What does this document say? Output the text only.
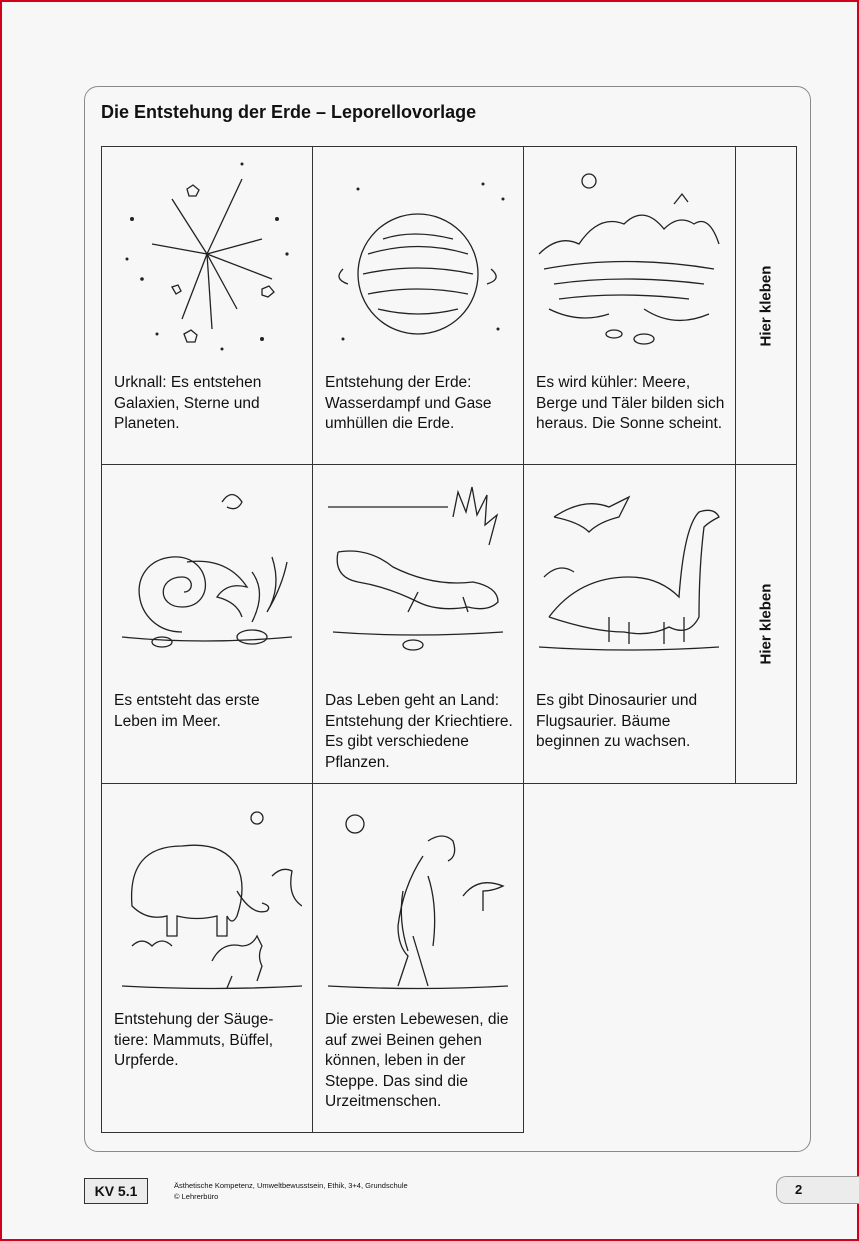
Die Entstehung der Erde – Leporellovorlage
Urknall: Es entstehen Galaxien, Sterne und Planeten.
Entstehung der Erde: Wasserdampf und Gase umhüllen die Erde.
Es wird kühler: Meere, Berge und Täler bilden sich heraus. Die Sonne scheint.
Hier kleben
Es entsteht das erste Leben im Meer.
Das Leben geht an Land: Entstehung der Kriechtiere. Es gibt verschiedene Pflanzen.
Es gibt Dinosaurier und Flugsaurier. Bäume beginnen zu wachsen.
Hier kleben
Entstehung der Säuge-tiere: Mammuts, Büffel, Urpferde.
Die ersten Lebewesen, die auf zwei Beinen gehen können, leben in der Steppe. Das sind die Urzeitmenschen.
KV 5.1	Ästhetische Kompetenz, Umweltbewusstsein, Ethik, 3+4, Grundschule
© Lehrerbüro	2
